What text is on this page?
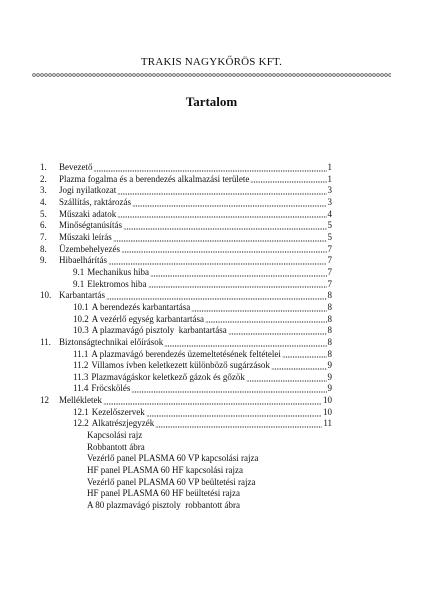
TRAKIS NAGYKŐRÖS KFT.
Tartalom
1.	Bevezető	1
2.	Plazma fogalma és a berendezés alkalmazási területe	1
3.	Jogi nyilatkozat	3
4.	Szállítás, raktározás	3
5.	Műszaki adatok	4
6.	Minőségtanúsítás	5
7.	Műszaki leírás	5
8.	Üzembehelyezés	7
9.	Hibaelhárítás	7
9.1 Mechanikus hiba	7
9.1 Elektromos hiba	7
10. Karbantartás	8
10.1 A berendezés karbantartása	8
10.2 A vezérlő egység karbantartása	8
10.3 A plazmavágó pisztoly  karbantartása	8
11. Biztonságtechnikai előírások	8
11.1 A plazmavágó berendezés üzemeltetésének feltételei	8
11.2 Villamos ívben keletkezett különböző sugárzások	9
11.3 Plazmavágáskor keletkező gázok és gőzök	9
11.4 Fröcskölés	9
12	Mellékletek	10
12.1 Kezelőszervek	10
12.2 Alkatrészjegyzék	11
Kapcsolási rajz
Robbantott ábra
Vezérlő panel PLASMA 60 VP kapcsolási rajza
HF panel PLASMA 60 HF kapcsolási rajza
Vezérlő panel PLASMA 60 VP beültetési rajza
HF panel PLASMA 60 HF beültetési rajza
A 80 plazmavágó pisztoly  robbantott ábra
